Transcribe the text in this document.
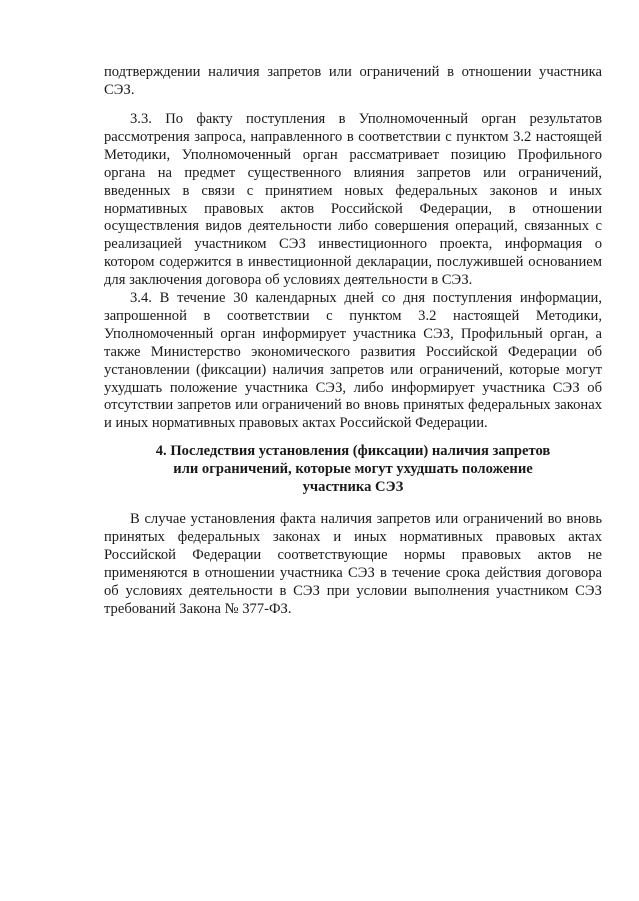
подтверждении наличия запретов или ограничений в отношении участника СЭЗ.

3.3. По факту поступления в Уполномоченный орган результатов рассмотрения запроса, направленного в соответствии с пунктом 3.2 настоящей Методики, Уполномоченный орган рассматривает позицию Профильного органа на предмет существенного влияния запретов или ограничений, введенных в связи с принятием новых федеральных законов и иных нормативных правовых актов Российской Федерации, в отношении осуществления видов деятельности либо совершения операций, связанных с реализацией участником СЭЗ инвестиционного проекта, информация о котором содержится в инвестиционной декларации, послужившей основанием для заключения договора об условиях деятельности в СЭЗ.

3.4. В течение 30 календарных дней со дня поступления информации, запрошенной в соответствии с пунктом 3.2 настоящей Методики, Уполномоченный орган информирует участника СЭЗ, Профильный орган, а также Министерство экономического развития Российской Федерации об установлении (фиксации) наличия запретов или ограничений, которые могут ухудшать положение участника СЭЗ, либо информирует участника СЭЗ об отсутствии запретов или ограничений во вновь принятых федеральных законах и иных нормативных правовых актах Российской Федерации.

4. Последствия установления (фиксации) наличия запретов
или ограничений, которые могут ухудшать положение
участника СЭЗ

В случае установления факта наличия запретов или ограничений во вновь принятых федеральных законах и иных нормативных правовых актах Российской Федерации соответствующие нормы правовых актов не применяются в отношении участника СЭЗ в течение срока действия договора об условиях деятельности в СЭЗ при условии выполнения участником СЭЗ требований Закона № 377-ФЗ.
